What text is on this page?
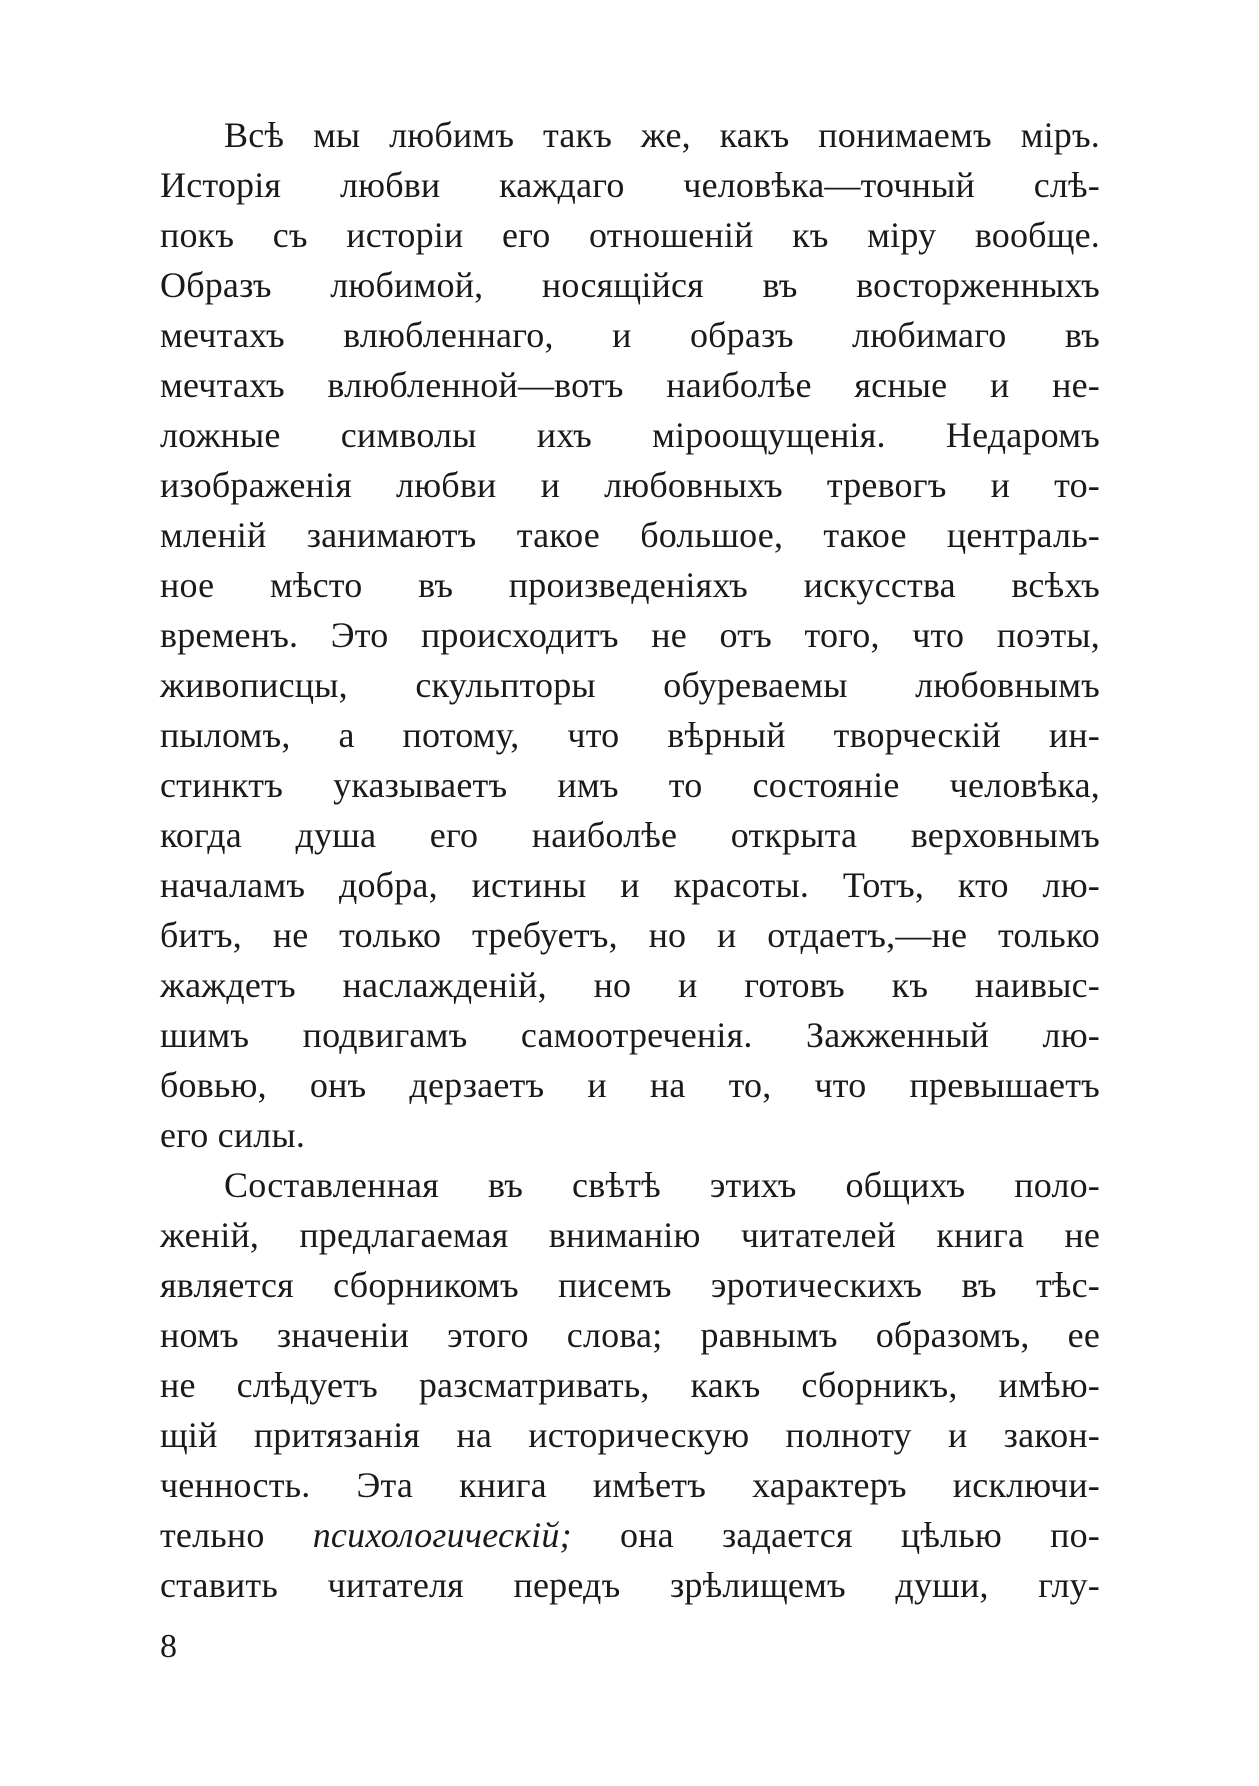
Всѣ мы любимъ такъ же, какъ понимаемъ міръ.
Исторія любви каждаго человѣка—точный слѣ-
покъ съ исторіи его отношеній къ міру вообще.
Образъ любимой, носящійся въ восторженныхъ
мечтахъ влюбленнаго, и образъ любимаго въ
мечтахъ влюбленной—вотъ наиболѣе ясные и не-
ложные символы ихъ міроощущенія. Недаромъ
изображенія любви и любовныхъ тревогъ и то-
мленій занимаютъ такое большое, такое централь-
ное мѣсто въ произведеніяхъ искусства всѣхъ
временъ. Это происходитъ не отъ того, что поэты,
живописцы, скульпторы обуреваемы любовнымъ
пыломъ, а потому, что вѣрный творческій ин-
стинктъ указываетъ имъ то состояніе человѣка,
когда душа его наиболѣе открыта верховнымъ
началамъ добра, истины и красоты. Тотъ, кто лю-
битъ, не только требуетъ, но и отдаетъ,—не только
жаждетъ наслажденій, но и готовъ къ наивыс-
шимъ подвигамъ самоотреченія. Зажженный лю-
бовью, онъ дерзаетъ и на то, что превышаетъ
его силы.
Составленная въ свѣтѣ этихъ общихъ поло-
женій, предлагаемая вниманію читателей книга не
является сборникомъ писемъ эротическихъ въ тѣс-
номъ значеніи этого слова; равнымъ образомъ, ее
не слѣдуетъ разсматривать, какъ сборникъ, имѣю-
щій притязанія на историческую полноту и закон-
ченность. Эта книга имѣетъ характеръ исключи-
тельно психологическій; она задается цѣлью по-
ставить читателя передъ зрѣлищемъ души, глу-
8
